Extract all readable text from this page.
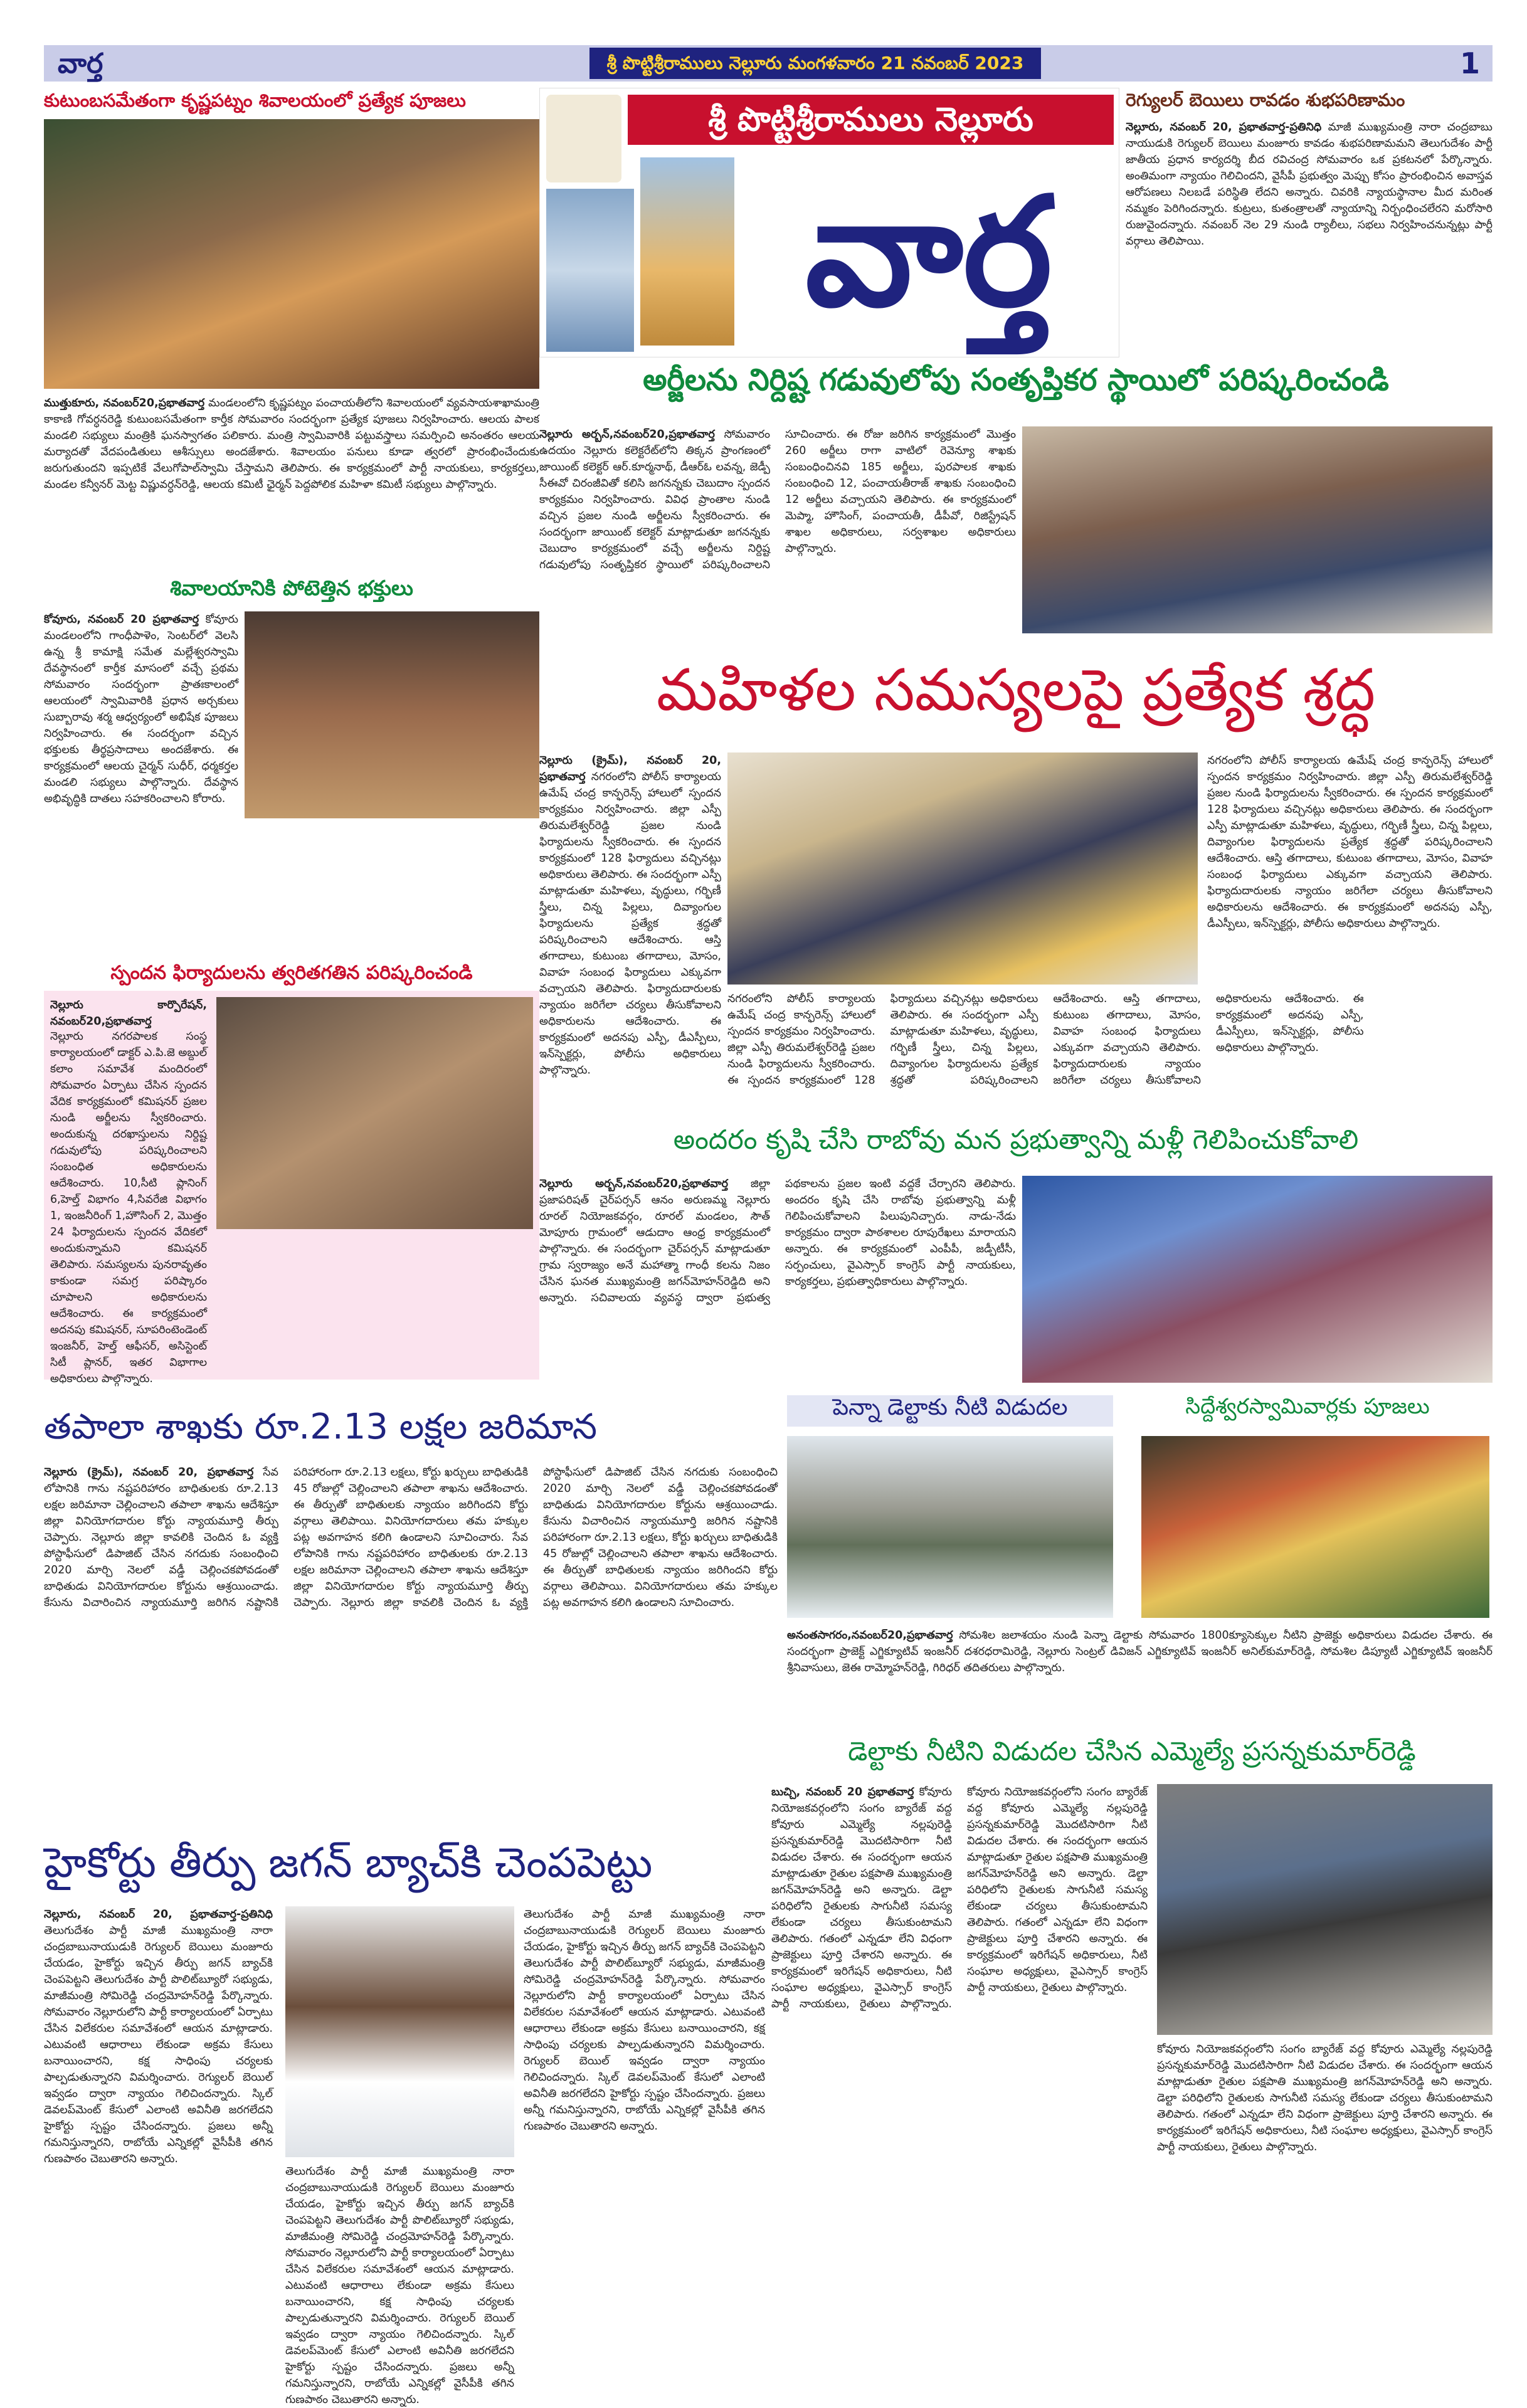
వార్త	శ్రీ పొట్టిశ్రీరాములు నెల్లూరు మంగళవారం 21 నవంబర్ 2023	1
కుటుంబసమేతంగా కృష్ణపట్నం శివాలయంలో ప్రత్యేక పూజలు
ముత్తుకూరు, నవంబర్20,ప్రభాతవార్త మండలంలోని కృష్ణపట్నం పంచాయతీలోని శివాలయంలో వ్యవసాయశాఖామంత్రి కాకాణి గోవర్ధనరెడ్డి కుటుంబసమేతంగా కార్తీక సోమవారం సందర్భంగా ప్రత్యేక పూజలు నిర్వహించారు. ఆలయ పాలక మండలి సభ్యులు మంత్రికి ఘనస్వాగతం పలికారు. మంత్రి స్వామివారికి పట్టువస్త్రాలు సమర్పించి అనంతరం ఆలయ మర్యాదతో వేదపండితులు ఆశీస్సులు అందజేశారు. శివాలయం పనులు కూడా త్వరలో ప్రారంభించేందుకు జరుగుతుందని ఇప్పటికే వేలుగోపాల్‌స్వామి చేస్తామని తెలిపారు. ఈ కార్యక్రమంలో పార్టీ నాయకులు, కార్యకర్తలు, మండల కన్వీనర్ మెట్ట విష్ణువర్ధన్‌రెడ్డి, ఆలయ కమిటీ ఛైర్మన్ పెద్దపోలిక మహిళా కమిటీ సభ్యులు పాల్గొన్నారు.
శివాలయానికి పోటెత్తిన భక్తులు
కోవూరు, నవంబర్ 20 ప్రభాతవార్త కోవూరు మండలంలోని గాంధీపాళెం, సెంటర్‌లో వెలసి ఉన్న శ్రీ కామాక్షి సమేత మల్లేశ్వరస్వామి దేవస్థానంలో కార్తీక మాసంలో వచ్చే ప్రథమ సోమవారం సందర్భంగా ప్రాతఃకాలంలో ఆలయంలో స్వామివారికి ప్రధాన అర్చకులు సుబ్బారావు శర్మ ఆధ్వర్యంలో అభిషేక పూజలు నిర్వహించారు. ఈ సందర్భంగా వచ్చిన భక్తులకు తీర్థప్రసాదాలు అందజేశారు. ఈ కార్యక్రమంలో ఆలయ చైర్మన్ సుధీర్, ధర్మకర్తల మండలి సభ్యులు పాల్గొన్నారు. దేవస్థాన అభివృద్ధికి దాతలు సహకరించాలని కోరారు.
స్పందన ఫిర్యాదులను త్వరితగతిన పరిష్కరించండి
నెల్లూరు కార్పొరేషన్, నవంబర్20,ప్రభాతవార్త
నెల్లూరు నగరపాలక సంస్థ కార్యాలయంలో డాక్టర్ ఎ.పి.జె అబ్దుల్ కలాం సమావేశ మందిరంలో సోమవారం ఏర్పాటు చేసిన స్పందన వేదిక కార్యక్రమంలో కమిషనర్ ప్రజల నుండి అర్జీలను స్వీకరించారు. అందుకున్న దరఖాస్తులను నిర్దిష్ట గడువులోపు పరిష్కరించాలని సంబంధిత అధికారులను ఆదేశించారు. 10,సీటి ప్లానింగ్ 6,హెల్త్ విభాగం 4,సివరేజి విభాగం 1, ఇంజనీరింగ్ 1,హౌసింగ్ 2, మొత్తం 24 ఫిర్యాదులను స్పందన వేదికలో అందుకున్నామని కమిషనర్ తెలిపారు. సమస్యలను పునరావృతం కాకుండా సమగ్ర పరిష్కారం చూపాలని అధికారులను ఆదేశించారు. ఈ కార్యక్రమంలో అదనపు కమిషనర్, సూపరింటెండెంట్ ఇంజనీర్, హెల్త్ ఆఫీసర్, అసిస్టెంట్ సిటీ ప్లానర్, ఇతర విభాగాల అధికారులు పాల్గొన్నారు.
శ్రీ పొట్టిశ్రీరాములు నెల్లూరు
వార్త
రెగ్యులర్ బెయిలు రావడం శుభపరిణామం
నెల్లూరు, నవంబర్ 20, ప్రభాతవార్త-ప్రతినిధి మాజీ ముఖ్యమంత్రి నారా చంద్రబాబు నాయుడుకి రెగ్యులర్ బెయిలు మంజూరు కావడం శుభపరిణామమని తెలుగుదేశం పార్టీ జాతీయ ప్రధాన కార్యదర్శి బీద రవిచంద్ర సోమవారం ఒక ప్రకటనలో పేర్కొన్నారు. అంతిమంగా న్యాయం గెలిచిందని, వైసీపీ ప్రభుత్వం మెప్పు కోసం ప్రారంభించిన అవాస్తవ ఆరోపణలు నిలబడే పరిస్థితి లేదని అన్నారు. చివరికి న్యాయస్థానాల మీద మరింత నమ్మకం పెరిగిందన్నారు. కుట్రలు, కుతంత్రాలతో న్యాయాన్ని నిర్బంధించలేరని మరోసారి రుజువైందన్నారు. నవంబర్ నెల 29 నుండి ర్యాలీలు, సభలు నిర్వహించనున్నట్లు పార్టీ వర్గాలు తెలిపాయి.
అర్జీలను నిర్దిష్ట గడువులోపు సంతృప్తికర స్థాయిలో పరిష్కరించండి
నెల్లూరు అర్బన్,నవంబర్20,ప్రభాతవార్త సోమవారం ఉదయం నెల్లూరు కలెక్టరేట్‌లోని తిక్కన ప్రాంగణంలో జాయింట్ కలెక్టర్ ఆర్.కూర్మనాథ్, డీఆర్‌ఓ లవన్న, జెడ్పీ సీఈవో చిరంజీవితో కలిసి జగనన్నకు చెబుదాం స్పందన కార్యక్రమం నిర్వహించారు. వివిధ ప్రాంతాల నుండి వచ్చిన ప్రజల నుండి అర్జీలను స్వీకరించారు. ఈ సందర్భంగా జాయింట్ కలెక్టర్ మాట్లాడుతూ జగనన్నకు చెబుదాం కార్యక్రమంలో వచ్చే అర్జీలను నిర్దిష్ట గడువులోపు సంతృప్తికర స్థాయిలో పరిష్కరించాలని సూచించారు. ఈ రోజు జరిగిన కార్యక్రమంలో మొత్తం 260 అర్జీలు రాగా వాటిలో రెవెన్యూ శాఖకు సంబంధించినవి 185 అర్జీలు, పురపాలక శాఖకు సంబంధించి 12, పంచాయతీరాజ్ శాఖకు సంబంధించి 12 అర్జీలు వచ్చాయని తెలిపారు. ఈ కార్యక్రమంలో మెప్మా, హౌసింగ్, పంచాయతీ, డీపీవో, రిజిస్ట్రేషన్ శాఖల అధికారులు, సర్వశాఖల అధికారులు పాల్గొన్నారు.
మహిళల సమస్యలపై ప్రత్యేక శ్రద్ధ
నెల్లూరు (క్రైమ్), నవంబర్ 20, ప్రభాతవార్త నగరంలోని పోలీస్ కార్యాలయ ఉమేష్ చంద్ర కాన్ఫరెన్స్ హాలులో స్పందన కార్యక్రమం నిర్వహించారు. జిల్లా ఎస్పీ తిరుమలేశ్వర్‌రెడ్డి ప్రజల నుండి ఫిర్యాదులను స్వీకరించారు. ఈ స్పందన కార్యక్రమంలో 128 ఫిర్యాదులు వచ్చినట్లు అధికారులు తెలిపారు. ఈ సందర్భంగా ఎస్పీ మాట్లాడుతూ మహిళలు, వృద్ధులు, గర్భిణీ స్త్రీలు, చిన్న పిల్లలు, దివ్యాంగుల ఫిర్యాదులను ప్రత్యేక శ్రద్ధతో పరిష్కరించాలని ఆదేశించారు. ఆస్తి తగాదాలు, కుటుంబ తగాదాలు, మోసం, వివాహ సంబంధ ఫిర్యాదులు ఎక్కువగా వచ్చాయని తెలిపారు. ఫిర్యాదుదారులకు న్యాయం జరిగేలా చర్యలు తీసుకోవాలని అధికారులను ఆదేశించారు. ఈ కార్యక్రమంలో అదనపు ఎస్పీ, డీఎస్పీలు, ఇన్‌స్పెక్టర్లు, పోలీసు అధికారులు పాల్గొన్నారు.
నగరంలోని పోలీస్ కార్యాలయ ఉమేష్ చంద్ర కాన్ఫరెన్స్ హాలులో స్పందన కార్యక్రమం నిర్వహించారు. జిల్లా ఎస్పీ తిరుమలేశ్వర్‌రెడ్డి ప్రజల నుండి ఫిర్యాదులను స్వీకరించారు. ఈ స్పందన కార్యక్రమంలో 128 ఫిర్యాదులు వచ్చినట్లు అధికారులు తెలిపారు. ఈ సందర్భంగా ఎస్పీ మాట్లాడుతూ మహిళలు, వృద్ధులు, గర్భిణీ స్త్రీలు, చిన్న పిల్లలు, దివ్యాంగుల ఫిర్యాదులను ప్రత్యేక శ్రద్ధతో పరిష్కరించాలని ఆదేశించారు. ఆస్తి తగాదాలు, కుటుంబ తగాదాలు, మోసం, వివాహ సంబంధ ఫిర్యాదులు ఎక్కువగా వచ్చాయని తెలిపారు. ఫిర్యాదుదారులకు న్యాయం జరిగేలా చర్యలు తీసుకోవాలని అధికారులను ఆదేశించారు. ఈ కార్యక్రమంలో అదనపు ఎస్పీ, డీఎస్పీలు, ఇన్‌స్పెక్టర్లు, పోలీసు అధికారులు పాల్గొన్నారు.
నగరంలోని పోలీస్ కార్యాలయ ఉమేష్ చంద్ర కాన్ఫరెన్స్ హాలులో స్పందన కార్యక్రమం నిర్వహించారు. జిల్లా ఎస్పీ తిరుమలేశ్వర్‌రెడ్డి ప్రజల నుండి ఫిర్యాదులను స్వీకరించారు. ఈ స్పందన కార్యక్రమంలో 128 ఫిర్యాదులు వచ్చినట్లు అధికారులు తెలిపారు. ఈ సందర్భంగా ఎస్పీ మాట్లాడుతూ మహిళలు, వృద్ధులు, గర్భిణీ స్త్రీలు, చిన్న పిల్లలు, దివ్యాంగుల ఫిర్యాదులను ప్రత్యేక శ్రద్ధతో పరిష్కరించాలని ఆదేశించారు. ఆస్తి తగాదాలు, కుటుంబ తగాదాలు, మోసం, వివాహ సంబంధ ఫిర్యాదులు ఎక్కువగా వచ్చాయని తెలిపారు. ఫిర్యాదుదారులకు న్యాయం జరిగేలా చర్యలు తీసుకోవాలని అధికారులను ఆదేశించారు. ఈ కార్యక్రమంలో అదనపు ఎస్పీ, డీఎస్పీలు, ఇన్‌స్పెక్టర్లు, పోలీసు అధికారులు పాల్గొన్నారు.
అందరం కృషి చేసి రాబోవు మన ప్రభుత్వాన్ని మళ్లీ గెలిపించుకోవాలి
నెల్లూరు అర్బన్,నవంబర్20,ప్రభాతవార్త జిల్లా ప్రజాపరిషత్ చైర్‌పర్సన్ ఆనం అరుణమ్మ నెల్లూరు రూరల్ నియోజకవర్గం, రూరల్ మండలం, సౌత్ మోపూరు గ్రామంలో ఆడుదాం ఆంధ్ర కార్యక్రమంలో పాల్గొన్నారు. ఈ సందర్భంగా చైర్‌పర్సన్ మాట్లాడుతూ గ్రామ స్వరాజ్యం అనే మహాత్మా గాంధీ కలను నిజం చేసిన ఘనత ముఖ్యమంత్రి జగన్‌మోహన్‌రెడ్డిది అని అన్నారు. సచివాలయ వ్యవస్థ ద్వారా ప్రభుత్వ పథకాలను ప్రజల ఇంటి వద్దకే చేర్చారని తెలిపారు. అందరం కృషి చేసి రాబోవు ప్రభుత్వాన్ని మళ్లీ గెలిపించుకోవాలని పిలుపునిచ్చారు. నాడు-నేడు కార్యక్రమం ద్వారా పాఠశాలల రూపురేఖలు మారాయని అన్నారు. ఈ కార్యక్రమంలో ఎంపీపీ, జడ్పీటీసీ, సర్పంచులు, వైఎస్సార్ కాంగ్రెస్ పార్టీ నాయకులు, కార్యకర్తలు, ప్రభుత్వాధికారులు పాల్గొన్నారు.
తపాలా శాఖకు రూ.2.13 లక్షల జరిమాన
నెల్లూరు (క్రైమ్), నవంబర్ 20, ప్రభాతవార్త సేవ లోపానికి గాను నష్టపరిహారం బాధితులకు రూ.2.13 లక్షల జరిమానా చెల్లించాలని తపాలా శాఖను ఆదేశిస్తూ జిల్లా వినియోగదారుల కోర్టు న్యాయమూర్తి తీర్పు చెప్పారు. నెల్లూరు జిల్లా కావలికి చెందిన ఓ వ్యక్తి పోస్టాఫీసులో డిపాజిట్ చేసిన నగదుకు సంబంధించి 2020 మార్చి నెలలో వడ్డీ చెల్లించకపోవడంతో బాధితుడు వినియోగదారుల కోర్టును ఆశ్రయించాడు. కేసును విచారించిన న్యాయమూర్తి జరిగిన నష్టానికి పరిహారంగా రూ.2.13 లక్షలు, కోర్టు ఖర్చులు బాధితుడికి 45 రోజుల్లో చెల్లించాలని తపాలా శాఖను ఆదేశించారు. ఈ తీర్పుతో బాధితులకు న్యాయం జరిగిందని కోర్టు వర్గాలు తెలిపాయి. వినియోగదారులు తమ హక్కుల పట్ల అవగాహన కలిగి ఉండాలని సూచించారు. సేవ లోపానికి గాను నష్టపరిహారం బాధితులకు రూ.2.13 లక్షల జరిమానా చెల్లించాలని తపాలా శాఖను ఆదేశిస్తూ జిల్లా వినియోగదారుల కోర్టు న్యాయమూర్తి తీర్పు చెప్పారు. నెల్లూరు జిల్లా కావలికి చెందిన ఓ వ్యక్తి పోస్టాఫీసులో డిపాజిట్ చేసిన నగదుకు సంబంధించి 2020 మార్చి నెలలో వడ్డీ చెల్లించకపోవడంతో బాధితుడు వినియోగదారుల కోర్టును ఆశ్రయించాడు. కేసును విచారించిన న్యాయమూర్తి జరిగిన నష్టానికి పరిహారంగా రూ.2.13 లక్షలు, కోర్టు ఖర్చులు బాధితుడికి 45 రోజుల్లో చెల్లించాలని తపాలా శాఖను ఆదేశించారు. ఈ తీర్పుతో బాధితులకు న్యాయం జరిగిందని కోర్టు వర్గాలు తెలిపాయి. వినియోగదారులు తమ హక్కుల పట్ల అవగాహన కలిగి ఉండాలని సూచించారు.
పెన్నా డెల్టాకు నీటి విడుదల
అనంతసాగరం,నవంబర్20,ప్రభాతవార్త సోమశిల జలాశయం నుండి పెన్నా డెల్టాకు సోమవారం 1800క్యూసెక్కుల నీటిని ప్రాజెక్టు అధికారులు విడుదల చేశారు. ఈ సందర్భంగా ప్రాజెక్ట్ ఎగ్జిక్యూటివ్ ఇంజనీర్ దశరధరామిరెడ్డి, నెల్లూరు సెంట్రల్ డివిజన్ ఎగ్జిక్యూటివ్ ఇంజనీర్ అనిల్‌కుమార్‌రెడ్డి, సోమశిల డిప్యూటీ ఎగ్జిక్యూటివ్ ఇంజనీర్ శ్రీనివాసులు, జెఈ రామ్మోహన్‌రెడ్డి, గిరిధర్ తదితరులు పాల్గొన్నారు.
సిద్దేశ్వరస్వామివార్లకు పూజలు
డెల్టాకు నీటిని విడుదల చేసిన ఎమ్మెల్యే ప్రసన్నకుమార్‌రెడ్డి
బుచ్చి, నవంబర్ 20 ప్రభాతవార్త కోవూరు నియోజకవర్గంలోని సంగం బ్యారేజ్ వద్ద కోవూరు ఎమ్మెల్యే నల్లపురెడ్డి ప్రసన్నకుమార్‌రెడ్డి మొదటిసారిగా నీటి విడుదల చేశారు. ఈ సందర్భంగా ఆయన మాట్లాడుతూ రైతుల పక్షపాతి ముఖ్యమంత్రి జగన్‌మోహన్‌రెడ్డి అని అన్నారు. డెల్టా పరిధిలోని రైతులకు సాగునీటి సమస్య లేకుండా చర్యలు తీసుకుంటామని తెలిపారు. గతంలో ఎన్నడూ లేని విధంగా ప్రాజెక్టులు పూర్తి చేశారని అన్నారు. ఈ కార్యక్రమంలో ఇరిగేషన్ అధికారులు, నీటి సంఘాల అధ్యక్షులు, వైఎస్సార్ కాంగ్రెస్ పార్టీ నాయకులు, రైతులు పాల్గొన్నారు. కోవూరు నియోజకవర్గంలోని సంగం బ్యారేజ్ వద్ద కోవూరు ఎమ్మెల్యే నల్లపురెడ్డి ప్రసన్నకుమార్‌రెడ్డి మొదటిసారిగా నీటి విడుదల చేశారు. ఈ సందర్భంగా ఆయన మాట్లాడుతూ రైతుల పక్షపాతి ముఖ్యమంత్రి జగన్‌మోహన్‌రెడ్డి అని అన్నారు. డెల్టా పరిధిలోని రైతులకు సాగునీటి సమస్య లేకుండా చర్యలు తీసుకుంటామని తెలిపారు. గతంలో ఎన్నడూ లేని విధంగా ప్రాజెక్టులు పూర్తి చేశారని అన్నారు. ఈ కార్యక్రమంలో ఇరిగేషన్ అధికారులు, నీటి సంఘాల అధ్యక్షులు, వైఎస్సార్ కాంగ్రెస్ పార్టీ నాయకులు, రైతులు పాల్గొన్నారు.
కోవూరు నియోజకవర్గంలోని సంగం బ్యారేజ్ వద్ద కోవూరు ఎమ్మెల్యే నల్లపురెడ్డి ప్రసన్నకుమార్‌రెడ్డి మొదటిసారిగా నీటి విడుదల చేశారు. ఈ సందర్భంగా ఆయన మాట్లాడుతూ రైతుల పక్షపాతి ముఖ్యమంత్రి జగన్‌మోహన్‌రెడ్డి అని అన్నారు. డెల్టా పరిధిలోని రైతులకు సాగునీటి సమస్య లేకుండా చర్యలు తీసుకుంటామని తెలిపారు. గతంలో ఎన్నడూ లేని విధంగా ప్రాజెక్టులు పూర్తి చేశారని అన్నారు. ఈ కార్యక్రమంలో ఇరిగేషన్ అధికారులు, నీటి సంఘాల అధ్యక్షులు, వైఎస్సార్ కాంగ్రెస్ పార్టీ నాయకులు, రైతులు పాల్గొన్నారు.
హైకోర్టు తీర్పు జగన్ బ్యాచ్‌కి చెంపపెట్టు
నెల్లూరు, నవంబర్ 20, ప్రభాతవార్త-ప్రతినిధి తెలుగుదేశం పార్టీ మాజీ ముఖ్యమంత్రి నారా చంద్రబాబునాయుడుకి రెగ్యులర్ బెయిలు మంజూరు చేయడం, హైకోర్టు ఇచ్చిన తీర్పు జగన్ బ్యాచ్‌కి చెంపపెట్టని తెలుగుదేశం పార్టీ పొలిట్‌బ్యూరో సభ్యుడు, మాజీమంత్రి సోమిరెడ్డి చంద్రమోహన్‌రెడ్డి పేర్కొన్నారు. సోమవారం నెల్లూరులోని పార్టీ కార్యాలయంలో ఏర్పాటు చేసిన విలేకరుల సమావేశంలో ఆయన మాట్లాడారు. ఎటువంటి ఆధారాలు లేకుండా అక్రమ కేసులు బనాయించారని, కక్ష సాధింపు చర్యలకు పాల్పడుతున్నారని విమర్శించారు. రెగ్యులర్ బెయిల్ ఇవ్వడం ద్వారా న్యాయం గెలిచిందన్నారు. స్కిల్ డెవలప్‌మెంట్ కేసులో ఎలాంటి అవినీతి జరగలేదని హైకోర్టు స్పష్టం చేసిందన్నారు. ప్రజలు అన్నీ గమనిస్తున్నారని, రాబోయే ఎన్నికల్లో వైసీపీకి తగిన గుణపాఠం చెబుతారని అన్నారు.
తెలుగుదేశం పార్టీ మాజీ ముఖ్యమంత్రి నారా చంద్రబాబునాయుడుకి రెగ్యులర్ బెయిలు మంజూరు చేయడం, హైకోర్టు ఇచ్చిన తీర్పు జగన్ బ్యాచ్‌కి చెంపపెట్టని తెలుగుదేశం పార్టీ పొలిట్‌బ్యూరో సభ్యుడు, మాజీమంత్రి సోమిరెడ్డి చంద్రమోహన్‌రెడ్డి పేర్కొన్నారు. సోమవారం నెల్లూరులోని పార్టీ కార్యాలయంలో ఏర్పాటు చేసిన విలేకరుల సమావేశంలో ఆయన మాట్లాడారు. ఎటువంటి ఆధారాలు లేకుండా అక్రమ కేసులు బనాయించారని, కక్ష సాధింపు చర్యలకు పాల్పడుతున్నారని విమర్శించారు. రెగ్యులర్ బెయిల్ ఇవ్వడం ద్వారా న్యాయం గెలిచిందన్నారు. స్కిల్ డెవలప్‌మెంట్ కేసులో ఎలాంటి అవినీతి జరగలేదని హైకోర్టు స్పష్టం చేసిందన్నారు. ప్రజలు అన్నీ గమనిస్తున్నారని, రాబోయే ఎన్నికల్లో వైసీపీకి తగిన గుణపాఠం చెబుతారని అన్నారు.
తెలుగుదేశం పార్టీ మాజీ ముఖ్యమంత్రి నారా చంద్రబాబునాయుడుకి రెగ్యులర్ బెయిలు మంజూరు చేయడం, హైకోర్టు ఇచ్చిన తీర్పు జగన్ బ్యాచ్‌కి చెంపపెట్టని తెలుగుదేశం పార్టీ పొలిట్‌బ్యూరో సభ్యుడు, మాజీమంత్రి సోమిరెడ్డి చంద్రమోహన్‌రెడ్డి పేర్కొన్నారు. సోమవారం నెల్లూరులోని పార్టీ కార్యాలయంలో ఏర్పాటు చేసిన విలేకరుల సమావేశంలో ఆయన మాట్లాడారు. ఎటువంటి ఆధారాలు లేకుండా అక్రమ కేసులు బనాయించారని, కక్ష సాధింపు చర్యలకు పాల్పడుతున్నారని విమర్శించారు. రెగ్యులర్ బెయిల్ ఇవ్వడం ద్వారా న్యాయం గెలిచిందన్నారు. స్కిల్ డెవలప్‌మెంట్ కేసులో ఎలాంటి అవినీతి జరగలేదని హైకోర్టు స్పష్టం చేసిందన్నారు. ప్రజలు అన్నీ గమనిస్తున్నారని, రాబోయే ఎన్నికల్లో వైసీపీకి తగిన గుణపాఠం చెబుతారని అన్నారు.
